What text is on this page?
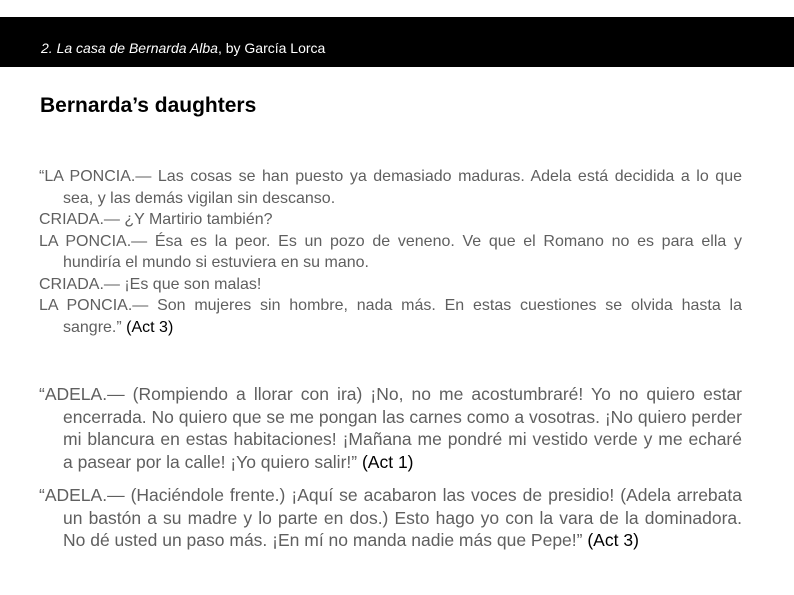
2. La casa de Bernarda Alba, by García Lorca
Bernarda’s daughters

“LA PONCIA.— Las cosas se han puesto ya demasiado maduras. Adela está decidida a lo que sea, y las demás vigilan sin descanso.

CRIADA.— ¿Y Martirio también?

LA PONCIA.— Ésa es la peor. Es un pozo de veneno. Ve que el Romano no es para ella y hundiría el mundo si estuviera en su mano.

CRIADA.— ¡Es que son malas!

LA PONCIA.— Son mujeres sin hombre, nada más. En estas cuestiones se olvida hasta la sangre.” (Act 3)

“ADELA.— (Rompiendo a llorar con ira) ¡No, no me acostumbraré! Yo no quiero estar encerrada. No quiero que se me pongan las carnes como a vosotras. ¡No quiero perder mi blancura en estas habitaciones! ¡Mañana me pondré mi vestido verde y me echaré a pasear por la calle! ¡Yo quiero salir!” (Act 1)

“ADELA.— (Haciéndole frente.) ¡Aquí se acabaron las voces de presidio! (Adela arrebata un bastón a su madre y lo parte en dos.) Esto hago yo con la vara de la dominadora. No dé usted un paso más. ¡En mí no manda nadie más que Pepe!” (Act 3)
